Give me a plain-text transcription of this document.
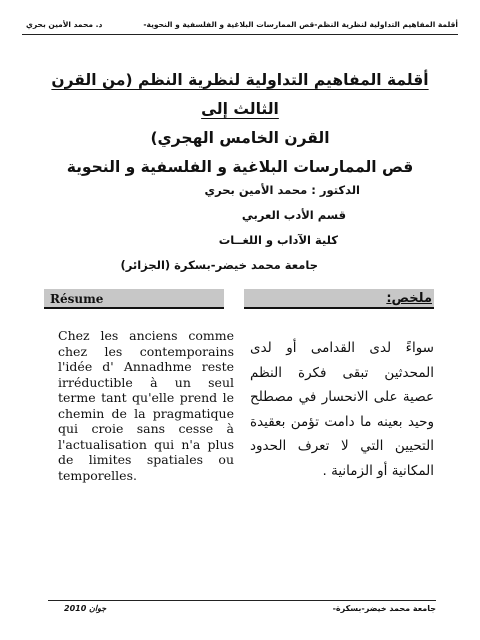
أقلمة المفاهيم التداولية لنظرية النظم-قص الممارسات البلاغية و الفلسفية و النحوية-
د. محمد الأمين بحري
أقلمة المفاهيم التداولية لنظرية النظم (من القرن الثالث إلى
القرن الخامس الهجري)
قص الممارسات البلاغية و الفلسفية و النحوية
الدكتور : محمد الأمين بحري
قسم الأدب العربي
كلية الآداب و اللغــات
جامعة محمد خيضر-بسكرة (الجزائر)
Résume	ملخص:
Chez les anciens comme chez les contemporains l'idée d' Annadhme reste irréductible à un seul terme tant qu'elle prend le chemin de la pragmatique qui croie sans cesse à l'actualisation qui n'a plus de limites spatiales ou temporelles.
سواءً لدى القدامى أو لدى المحدثين تبقى فكرة النظم عصية على الانحسار في مصطلح وحيد بعينه ما دامت تؤمن بعقيدة التحيين التي لا تعرف الحدود المكانية أو الزمانية .
جامعة محمد خيضر-بسكرة-
جوان 2010
